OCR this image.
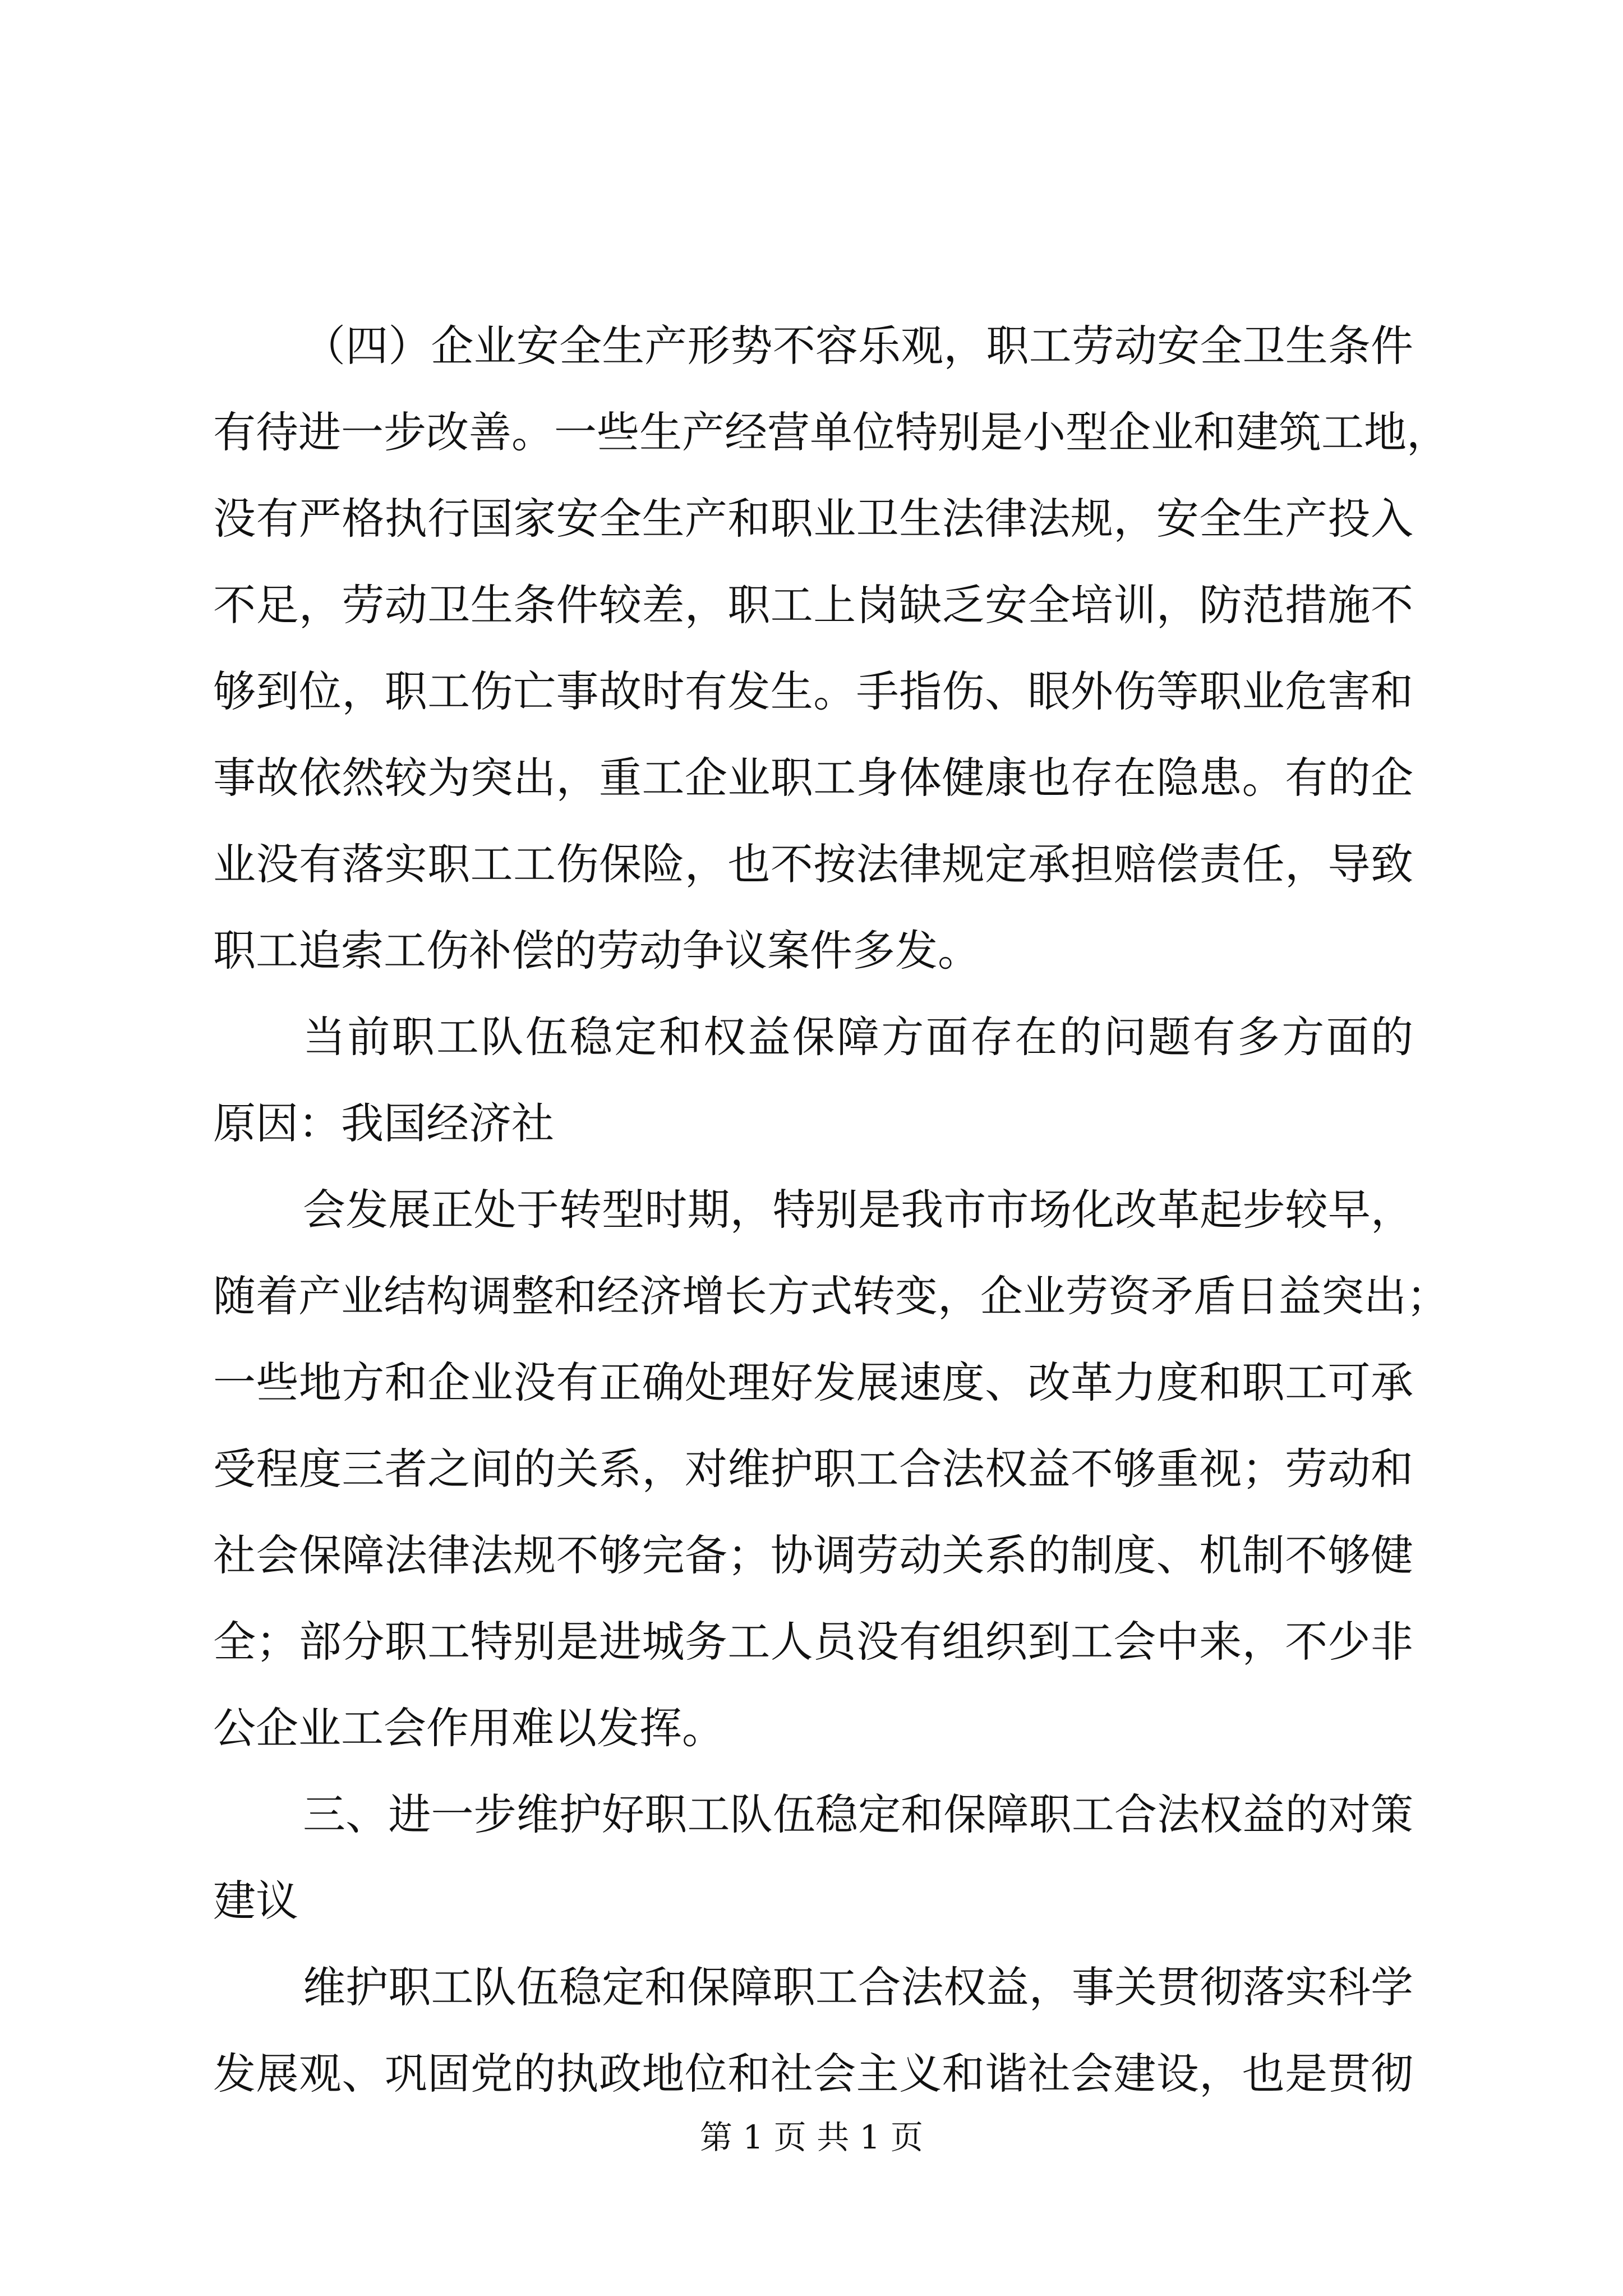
（四）企业安全生产形势不容乐观，职工劳动安全卫生条件
有待进一步改善。一些生产经营单位特别是小型企业和建筑工地，
没有严格执行国家安全生产和职业卫生法律法规，安全生产投入
不足，劳动卫生条件较差，职工上岗缺乏安全培训，防范措施不
够到位，职工伤亡事故时有发生。手指伤、眼外伤等职业危害和
事故依然较为突出，重工企业职工身体健康也存在隐患。有的企
业没有落实职工工伤保险，也不按法律规定承担赔偿责任，导致
职工追索工伤补偿的劳动争议案件多发。
当前职工队伍稳定和权益保障方面存在的问题有多方面的
原因：我国经济社
会发展正处于转型时期，特别是我市市场化改革起步较早，
随着产业结构调整和经济增长方式转变，企业劳资矛盾日益突出；
一些地方和企业没有正确处理好发展速度、改革力度和职工可承
受程度三者之间的关系，对维护职工合法权益不够重视；劳动和
社会保障法律法规不够完备；协调劳动关系的制度、机制不够健
全；部分职工特别是进城务工人员没有组织到工会中来，不少非
公企业工会作用难以发挥。
三、进一步维护好职工队伍稳定和保障职工合法权益的对策
建议
维护职工队伍稳定和保障职工合法权益，事关贯彻落实科学
发展观、巩固党的执政地位和社会主义和谐社会建设，也是贯彻
第 1 页 共 1 页
